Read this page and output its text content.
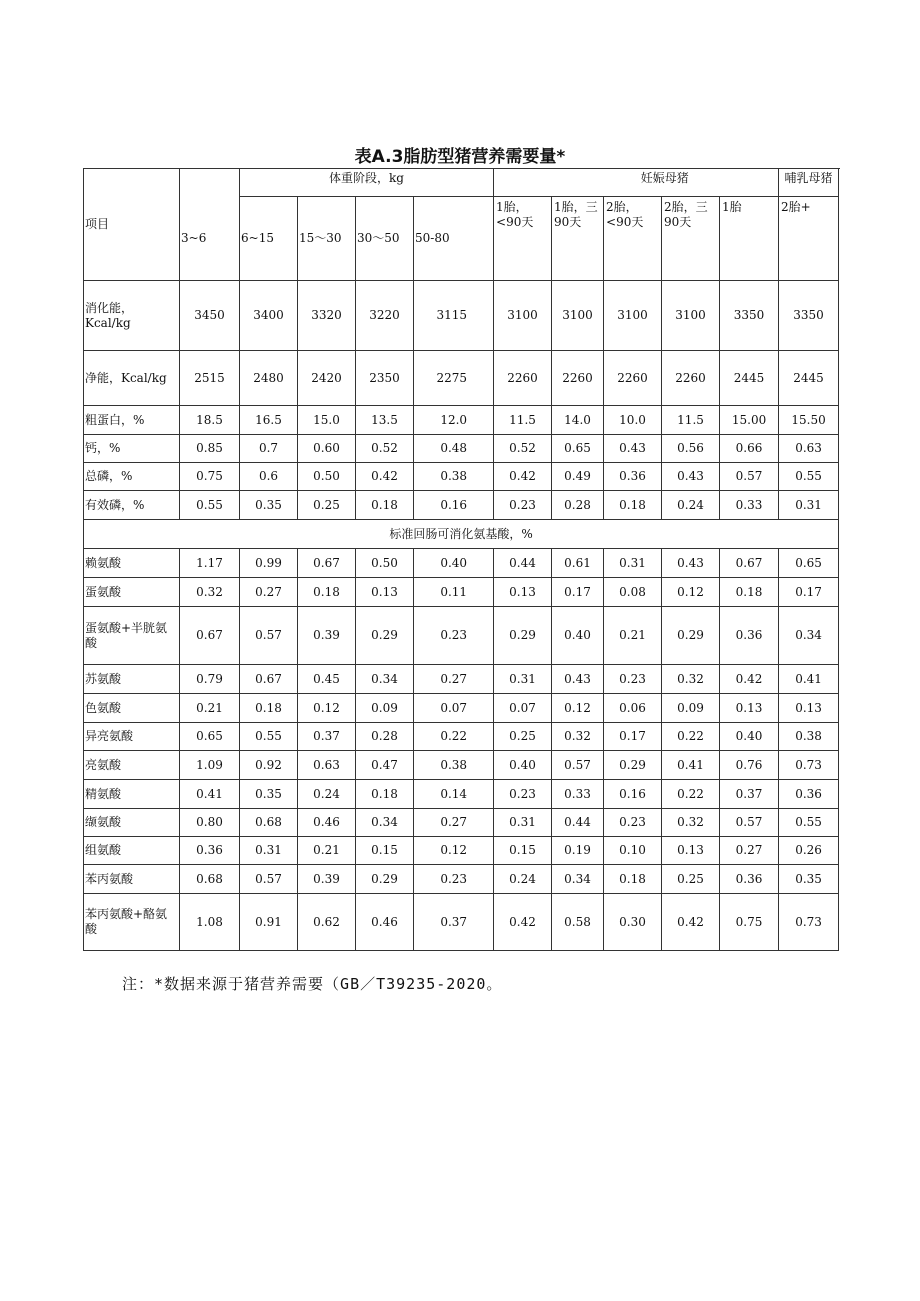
表A.3脂肪型猪营养需要量*
项目		体重阶段，kg					妊娠母猪				哺乳母猪
	3~6	6~15	15～30	30～50	50-80	1胎，<90天	1胎，三90天	2胎，<90天	2胎，三90天	1胎	2胎+
消化能，Kcal/kg	3450	3400	3320	3220	3115	3100	3100	3100	3100	3350	3350
净能，Kcal/kg	2515	2480	2420	2350	2275	2260	2260	2260	2260	2445	2445
粗蛋白，%	18.5	16.5	15.0	13.5	12.0	11.5	14.0	10.0	11.5	15.00	15.50
钙，%	0.85	0.7	0.60	0.52	0.48	0.52	0.65	0.43	0.56	0.66	0.63
总磷，%	0.75	0.6	0.50	0.42	0.38	0.42	0.49	0.36	0.43	0.57	0.55
有效磷，%	0.55	0.35	0.25	0.18	0.16	0.23	0.28	0.18	0.24	0.33	0.31
标准回肠可消化氨基酸，%											
赖氨酸	1.17	0.99	0.67	0.50	0.40	0.44	0.61	0.31	0.43	0.67	0.65
蛋氨酸	0.32	0.27	0.18	0.13	0.11	0.13	0.17	0.08	0.12	0.18	0.17
蛋氨酸+半胱氨酸	0.67	0.57	0.39	0.29	0.23	0.29	0.40	0.21	0.29	0.36	0.34
苏氨酸	0.79	0.67	0.45	0.34	0.27	0.31	0.43	0.23	0.32	0.42	0.41
色氨酸	0.21	0.18	0.12	0.09	0.07	0.07	0.12	0.06	0.09	0.13	0.13
异亮氨酸	0.65	0.55	0.37	0.28	0.22	0.25	0.32	0.17	0.22	0.40	0.38
亮氨酸	1.09	0.92	0.63	0.47	0.38	0.40	0.57	0.29	0.41	0.76	0.73
精氨酸	0.41	0.35	0.24	0.18	0.14	0.23	0.33	0.16	0.22	0.37	0.36
缬氨酸	0.80	0.68	0.46	0.34	0.27	0.31	0.44	0.23	0.32	0.57	0.55
组氨酸	0.36	0.31	0.21	0.15	0.12	0.15	0.19	0.10	0.13	0.27	0.26
苯丙氨酸	0.68	0.57	0.39	0.29	0.23	0.24	0.34	0.18	0.25	0.36	0.35
苯丙氨酸+酪氨酸	1.08	0.91	0.62	0.46	0.37	0.42	0.58	0.30	0.42	0.75	0.73
注：*数据来源于猪营养需要（GB／T39235-2020。
